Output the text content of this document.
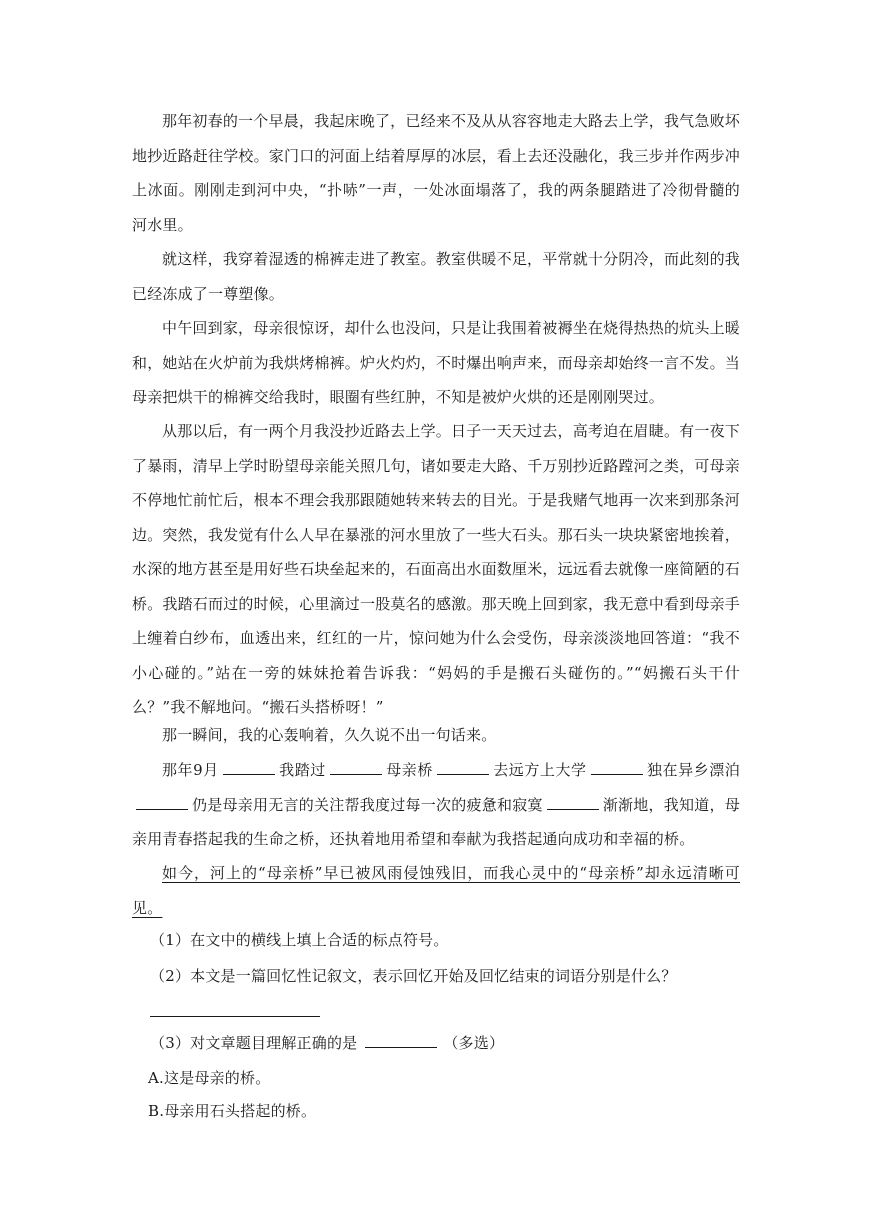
那年初春的一个早晨，我起床晚了，已经来不及从从容容地走大路去上学，我气急败坏地抄近路赶往学校。家门口的河面上结着厚厚的冰层，看上去还没融化，我三步并作两步冲上冰面。刚刚走到河中央，“扑哧”一声，一处冰面塌落了，我的两条腿踏进了冷彻骨髓的河水里。

就这样，我穿着湿透的棉裤走进了教室。教室供暖不足，平常就十分阴冷，而此刻的我已经冻成了一尊塑像。

中午回到家，母亲很惊讶，却什么也没问，只是让我围着被褥坐在烧得热热的炕头上暖和，她站在火炉前为我烘烤棉裤。炉火灼灼，不时爆出响声来，而母亲却始终一言不发。当母亲把烘干的棉裤交给我时，眼圈有些红肿，不知是被炉火烘的还是刚刚哭过。

从那以后，有一两个月我没抄近路去上学。日子一天天过去，高考迫在眉睫。有一夜下了暴雨，清早上学时盼望母亲能关照几句，诸如要走大路、千万别抄近路蹚河之类，可母亲不停地忙前忙后，根本不理会我那跟随她转来转去的目光。于是我赌气地再一次来到那条河边。突然，我发觉有什么人早在暴涨的河水里放了一些大石头。那石头一块块紧密地挨着，水深的地方甚至是用好些石块垒起来的，石面高出水面数厘米，远远看去就像一座简陋的石桥。我踏石而过的时候，心里滴过一股莫名的感激。那天晚上回到家，我无意中看到母亲手上缠着白纱布，血透出来，红红的一片，惊问她为什么会受伤，母亲淡淡地回答道：“我不小心碰的。”站在一旁的妹妹抢着告诉我：“妈妈的手是搬石头碰伤的。”“妈搬石头干什么？”我不解地问。“搬石头搭桥呀！”

那一瞬间，我的心轰响着，久久说不出一句话来。

那年9月	我踏过	母亲桥	去远方上大学	独在异乡漂泊仍是母亲用无言的关注帮我度过每一次的疲惫和寂寞	渐渐地，我知道，母亲用青春搭起我的生命之桥，还执着地用希望和奉献为我搭起通向成功和幸福的桥。

如今，河上的“母亲桥”早已被风雨侵蚀残旧，而我心灵中的“母亲桥”却永远清晰可见。

（1）在文中的横线上填上合适的标点符号。

（2）本文是一篇回忆性记叙文，表示回忆开始及回忆结束的词语分别是什么？

（3）对文章题目理解正确的是	（多选）

A.这是母亲的桥。

B.母亲用石头搭起的桥。
